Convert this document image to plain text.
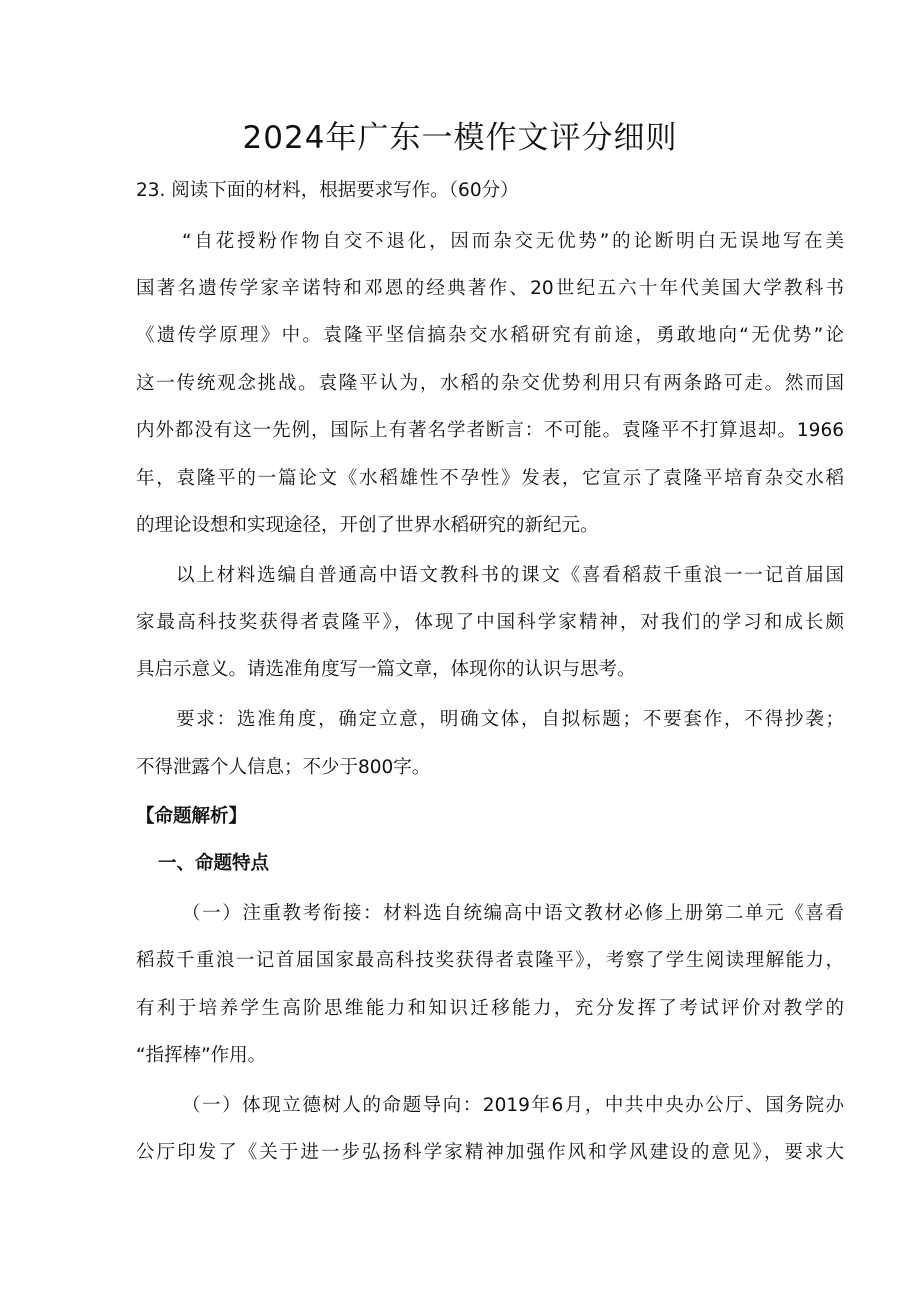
2024年广东一模作文评分细则

23. 阅读下面的材料，根据要求写作。（60分）

“自花授粉作物自交不退化，因而杂交无优势”的论断明白无误地写在美

国著名遗传学家辛诺特和邓恩的经典著作、20世纪五六十年代美国大学教科书

《遗传学原理》中。袁隆平坚信搞杂交水稻研究有前途，勇敢地向“无优势”论

这一传统观念挑战。袁隆平认为，水稻的杂交优势利用只有两条路可走。然而国

内外都没有这一先例，国际上有著名学者断言：不可能。袁隆平不打算退却。1966

年，袁隆平的一篇论文《水稻雄性不孕性》发表，它宣示了袁隆平培育杂交水稻

的理论设想和实现途径，开创了世界水稻研究的新纪元。

以上材料选编自普通高中语文教科书的课文《喜看稻菽千重浪一一记首届国

家最高科技奖获得者袁隆平》，体现了中国科学家精神，对我们的学习和成长颇

具启示意义。请选准角度写一篇文章，体现你的认识与思考。

要求：选准角度，确定立意，明确文体，自拟标题；不要套作，不得抄袭；

不得泄露个人信息；不少于800字。

【命题解析】

一、命题特点

（一）注重教考衔接：材料选自统编高中语文教材必修上册第二单元《喜看

稻菽千重浪一记首届国家最高科技奖获得者袁隆平》，考察了学生阅读理解能力，

有利于培养学生高阶思维能力和知识迁移能力，充分发挥了考试评价对教学的

“指挥棒”作用。

（一）体现立德树人的命题导向：2019年6月，中共中央办公厅、国务院办

公厅印发了《关于进一步弘扬科学家精神加强作风和学风建设的意见》，要求大
